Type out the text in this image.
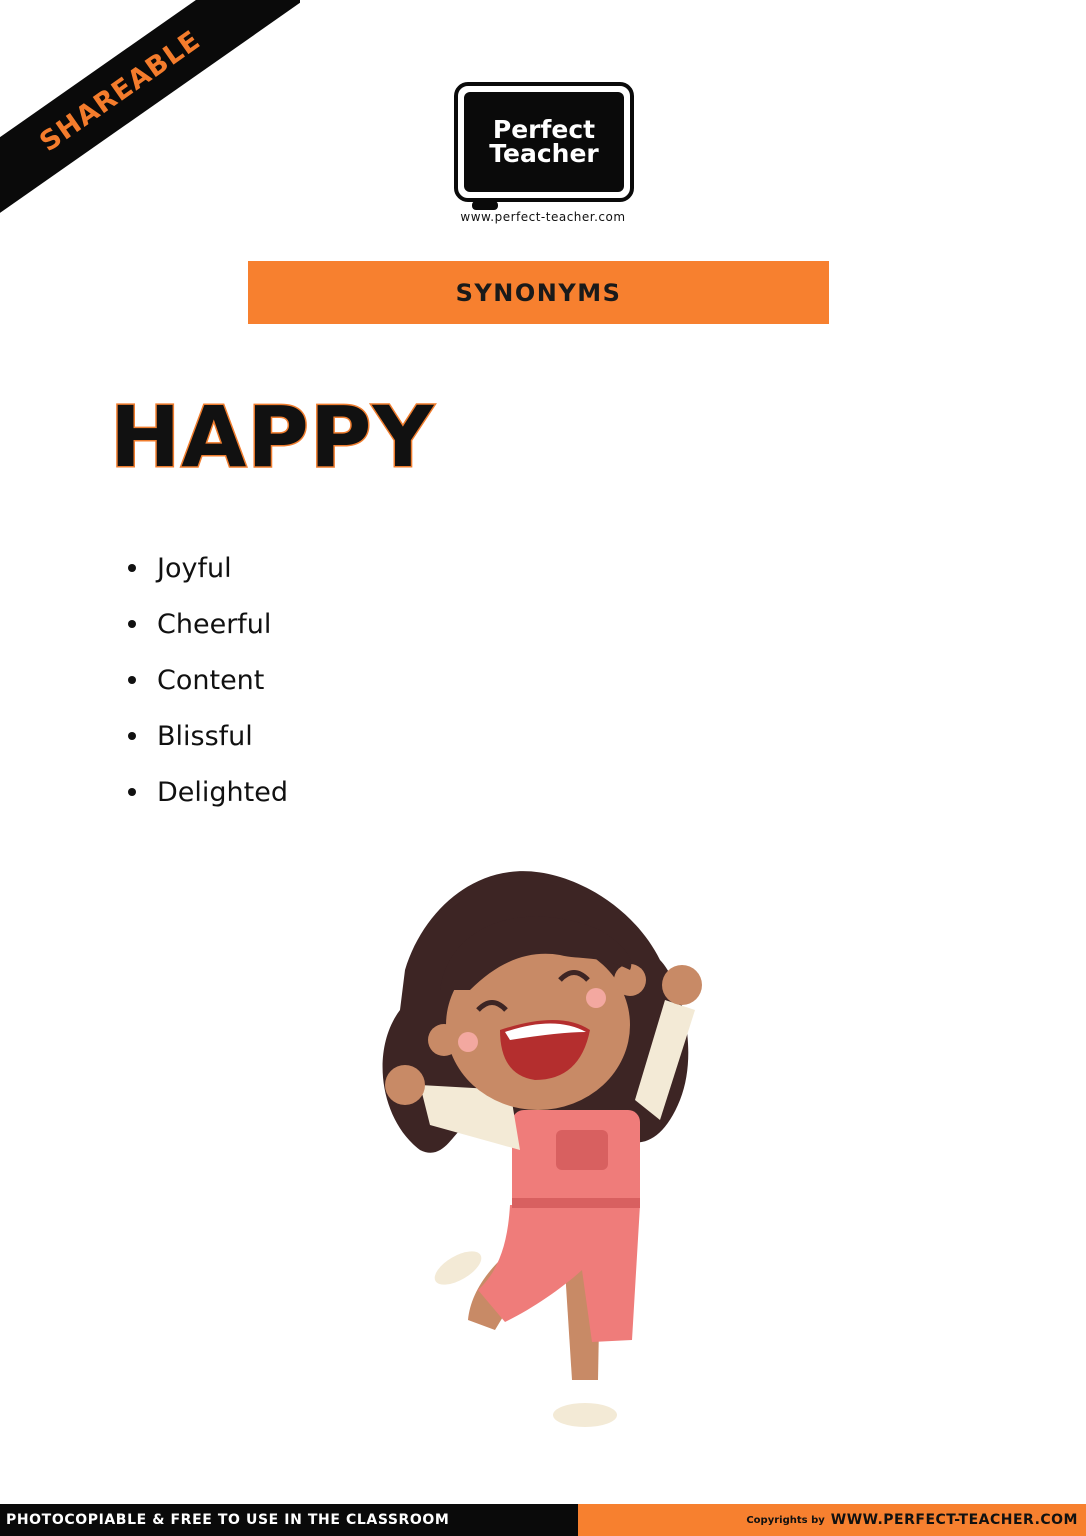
SHAREABLE	Perfect
Teacher
www.perfect-teacher.com
SYNONYMS
HAPPY
Joyful
Cheerful
Content
Blissful
Delighted
PHOTOCOPIABLE & FREE TO USE IN THE CLASSROOM	Copyrights by WWW.PERFECT-TEACHER.COM
